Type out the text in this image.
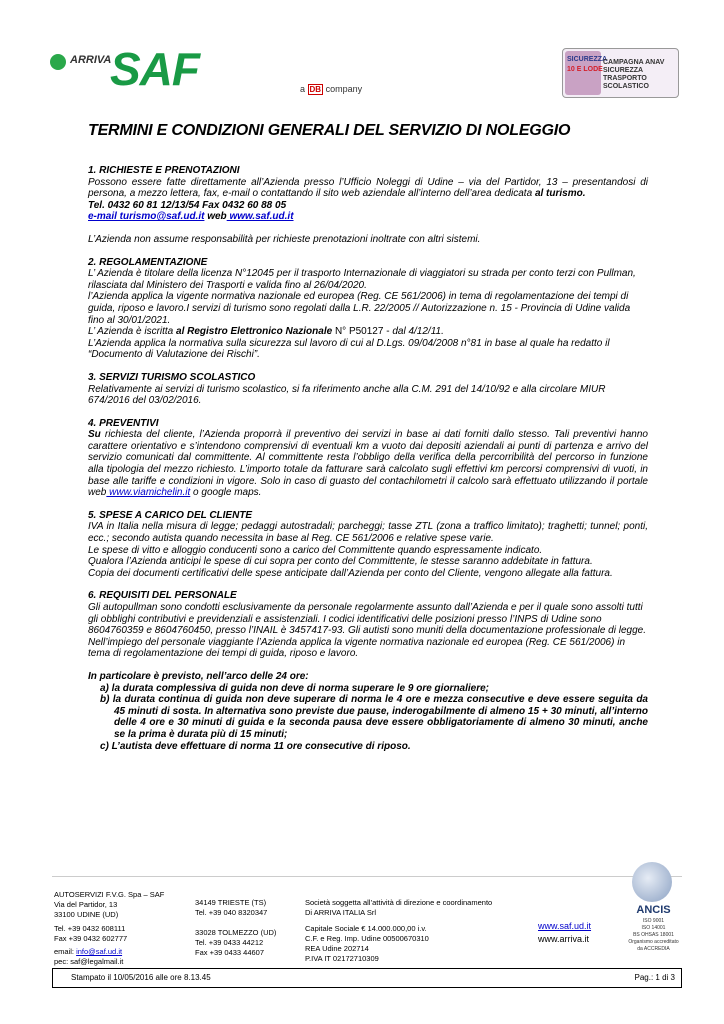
ARRIVA
SAF	a DB company
SICUREZZA
10 E LODE
CAMPAGNA ANAV SICUREZZA TRASPORTO SCOLASTICO
TERMINI E CONDIZIONI GENERALI DEL SERVIZIO DI NOLEGGIO
1. RICHIESTE E PRENOTAZIONI

Possono essere fatte direttamente all’Azienda presso l’Ufficio Noleggi di Udine – via del Partidor, 13 – presentandosi di persona, a mezzo lettera, fax, e-mail o contattando il sito web aziendale all’interno dell’area dedicata al turismo.

Tel. 0432 60 81 12/13/54 Fax 0432 60 88 05

e-mail turismo@saf.ud.it web www.saf.ud.it

L’Azienda non assume responsabilità per richieste prenotazioni inoltrate con altri sistemi.

2. REGOLAMENTAZIONE

L’ Azienda è titolare della licenza N°12045 per il trasporto Internazionale di viaggiatori su strada per conto terzi con Pullman, rilasciata dal Ministero dei Trasporti e valida fino al 26/04/2020.

l’Azienda applica la vigente normativa nazionale ed europea (Reg. CE 561/2006) in tema di regolamentazione dei tempi di guida, riposo e lavoro.I servizi di turismo sono regolati dalla L.R. 22/2005 // Autorizzazione n. 15 - Provincia di Udine valida fino al 30/01/2021.

L’ Azienda è iscritta al Registro Elettronico Nazionale N° P50127 - dal 4/12/11.

L’Azienda applica la normativa sulla sicurezza sul lavoro di cui al D.Lgs. 09/04/2008 n°81 in base al quale ha redatto il “Documento di Valutazione dei Rischi”.

3. SERVIZI TURISMO SCOLASTICO

Relativamente ai servizi di turismo scolastico, si fa riferimento anche alla C.M. 291 del 14/10/92 e alla circolare MIUR 674/2016 del 03/02/2016.

4. PREVENTIVI

Su richiesta del cliente, l’Azienda proporrà il preventivo dei servizi in base ai dati forniti dallo stesso. Tali preventivi hanno carattere orientativo e s’intendono comprensivi di eventuali km a vuoto dai depositi aziendali ai punti di partenza e arrivo del servizio comunicati dal committente. Al committente resta l’obbligo della verifica della percorribilità del percorso in funzione alla tipologia del mezzo richiesto. L’importo totale da fatturare sarà calcolato sugli effettivi km percorsi comprensivi di vuoti, in base alle tariffe e condizioni in vigore. Solo in caso di guasto del contachilometri il calcolo sarà effettuato utilizzando il portale web www.viamichelin.it o google maps.

5. SPESE A CARICO DEL CLIENTE

IVA in Italia nella misura di legge; pedaggi autostradali; parcheggi; tasse ZTL (zona a traffico limitato); traghetti; tunnel; ponti, ecc.; secondo autista quando necessita in base al Reg. CE 561/2006 e relative spese varie.

Le spese di vitto e alloggio conducenti sono a carico del Committente quando espressamente indicato.

Qualora l’Azienda anticipi le spese di cui sopra per conto del Committente, le stesse saranno addebitate in fattura.

Copia dei documenti certificativi delle spese anticipate dall’Azienda per conto del Cliente, vengono allegate alla fattura.

6. REQUISITI DEL PERSONALE

Gli autopullman sono condotti esclusivamente da personale regolarmente assunto dall’Azienda e per il quale sono assolti tutti gli obblighi contributivi e previdenziali e assistenziali. I codici identificativi delle posizioni presso l’INPS di Udine sono 8604760359 e 8604760450, presso l’INAIL è 3457417-93. Gli autisti sono muniti della documentazione professionale di legge. Nell’impiego del personale viaggiante l’Azienda applica la vigente normativa nazionale ed europea (Reg. CE 561/2006) in tema di regolamentazione dei tempi di guida, riposo e lavoro.

In particolare è previsto, nell’arco delle 24 ore:

a) la durata complessiva di guida non deve di norma superare le 9 ore giornaliere;
b) la durata continua di guida non deve superare di norma le 4 ore e mezza consecutive e deve essere seguita da 45 minuti di sosta. In alternativa sono previste due pause, inderogabilmente di almeno 15 + 30 minuti, all’interno delle 4 ore e 30 minuti di guida e la seconda pausa deve essere obbligatoriamente di almeno 30 minuti, anche se la prima è durata più di 15 minuti;
c) L’autista deve effettuare di norma 11 ore consecutive di riposo.
AUTOSERVIZI F.V.G. Spa – SAF
Via del Partidor, 13
33100 UDINE (UD)
Tel. +39 0432 608111
Fax +39 0432 602777
email: info@saf.ud.it
pec: saf@legalmail.it
34149 TRIESTE (TS)
Tel. +39 040 8320347
33028 TOLMEZZO (UD)
Tel. +39 0433 44212
Fax +39 0433 44607
Società soggetta all’attività di direzione e coordinamento
Di ARRIVA ITALIA Srl
Capitale Sociale € 14.000.000,00 i.v.
C.F. e Reg. Imp. Udine 00500670310
REA Udine 202714
P.IVA IT 02172710309
www.saf.ud.it
www.arriva.it
ANCIS
ISO 9001
ISO 14001
BS OHSAS 18001
Organismo accreditato
da ACCREDIA
Stampato il 10/05/2016 alle ore 8.13.45	Pag.: 1 di 3
